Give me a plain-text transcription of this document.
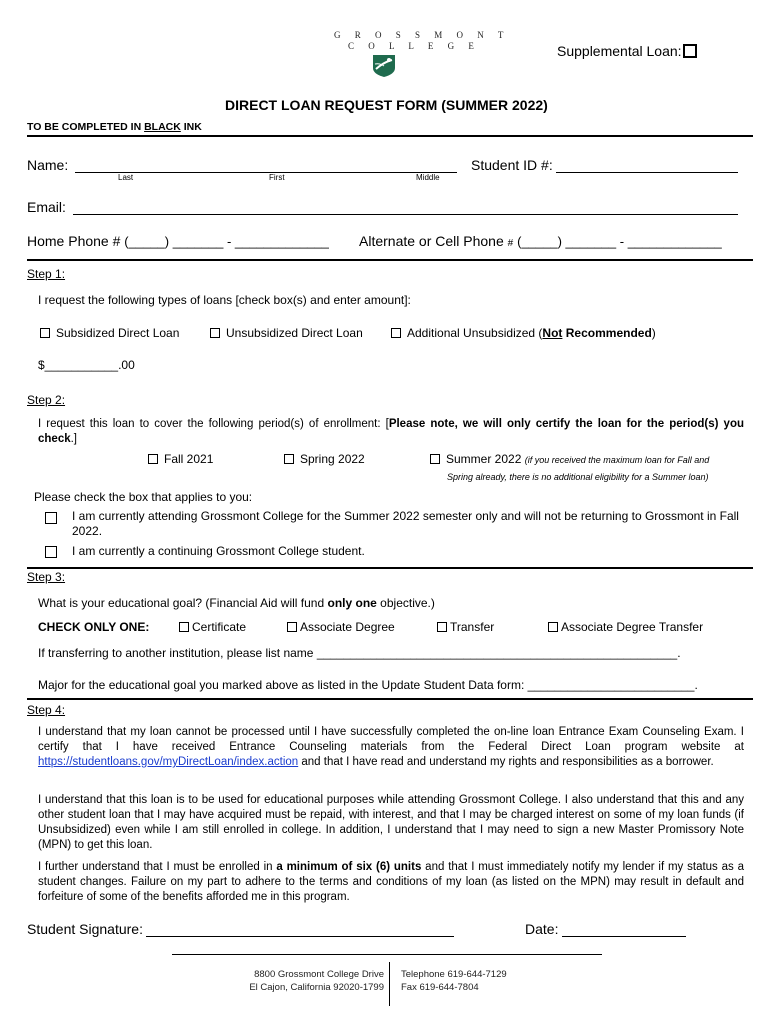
G R O S S M O N T
C O L L E G E	Supplemental Loan:
DIRECT LOAN REQUEST FORM (SUMMER 2022)
TO BE COMPLETED IN BLACK INK
Name:
Last	First	Middle
Student ID #:
Email:
Home Phone # (_____) _______ - _____________ Alternate or Cell Phone # (_____) _______ - _____________
Step 1:
I request the following types of loans [check box(s) and enter amount]:
Subsidized Direct Loan	Unsubsidized Direct Loan	Additional Unsubsidized (Not Recommended)
$___________.00
Step 2:
I request this loan to cover the following period(s) of enrollment: [Please note, we will only certify the loan for the period(s) you check.]
Fall 2021	Spring 2022	Summer 2022 (if you received the maximum loan for Fall and
Spring already, there is no additional eligibility for a Summer loan)
Please check the box that applies to you:
I am currently attending Grossmont College for the Summer 2022 semester only and will not be returning to Grossmont in Fall 2022.
I am currently a continuing Grossmont College student.
Step 3:
What is your educational goal? (Financial Aid will fund only one objective.)
CHECK ONLY ONE:	Certificate	Associate Degree	Transfer	Associate Degree Transfer
If transferring to another institution, please list name ______________________________________________________.
Major for the educational goal you marked above as listed in the Update Student Data form: _________________________.
Step 4:
I understand that my loan cannot be processed until I have successfully completed the on-line loan Entrance Exam Counseling Exam. I certify that I have received Entrance Counseling materials from the Federal Direct Loan program website at https://studentloans.gov/myDirectLoan/index.action and that I have read and understand my rights and responsibilities as a borrower.
I understand that this loan is to be used for educational purposes while attending Grossmont College. I also understand that this and any other student loan that I may have acquired must be repaid, with interest, and that I may be charged interest on some of my loan funds (if Unsubsidized) even while I am still enrolled in college. In addition, I understand that I may need to sign a new Master Promissory Note (MPN) to get this loan.
I further understand that I must be enrolled in a minimum of six (6) units and that I must immediately notify my lender if my status as a student changes. Failure on my part to adhere to the terms and conditions of my loan (as listed on the MPN) may result in default and forfeiture of some of the benefits afforded me in this program.
Student Signature:	Date:
8800 Grossmont College Drive
El Cajon, California 92020-1799
Telephone 619-644-7129
Fax 619-644-7804
